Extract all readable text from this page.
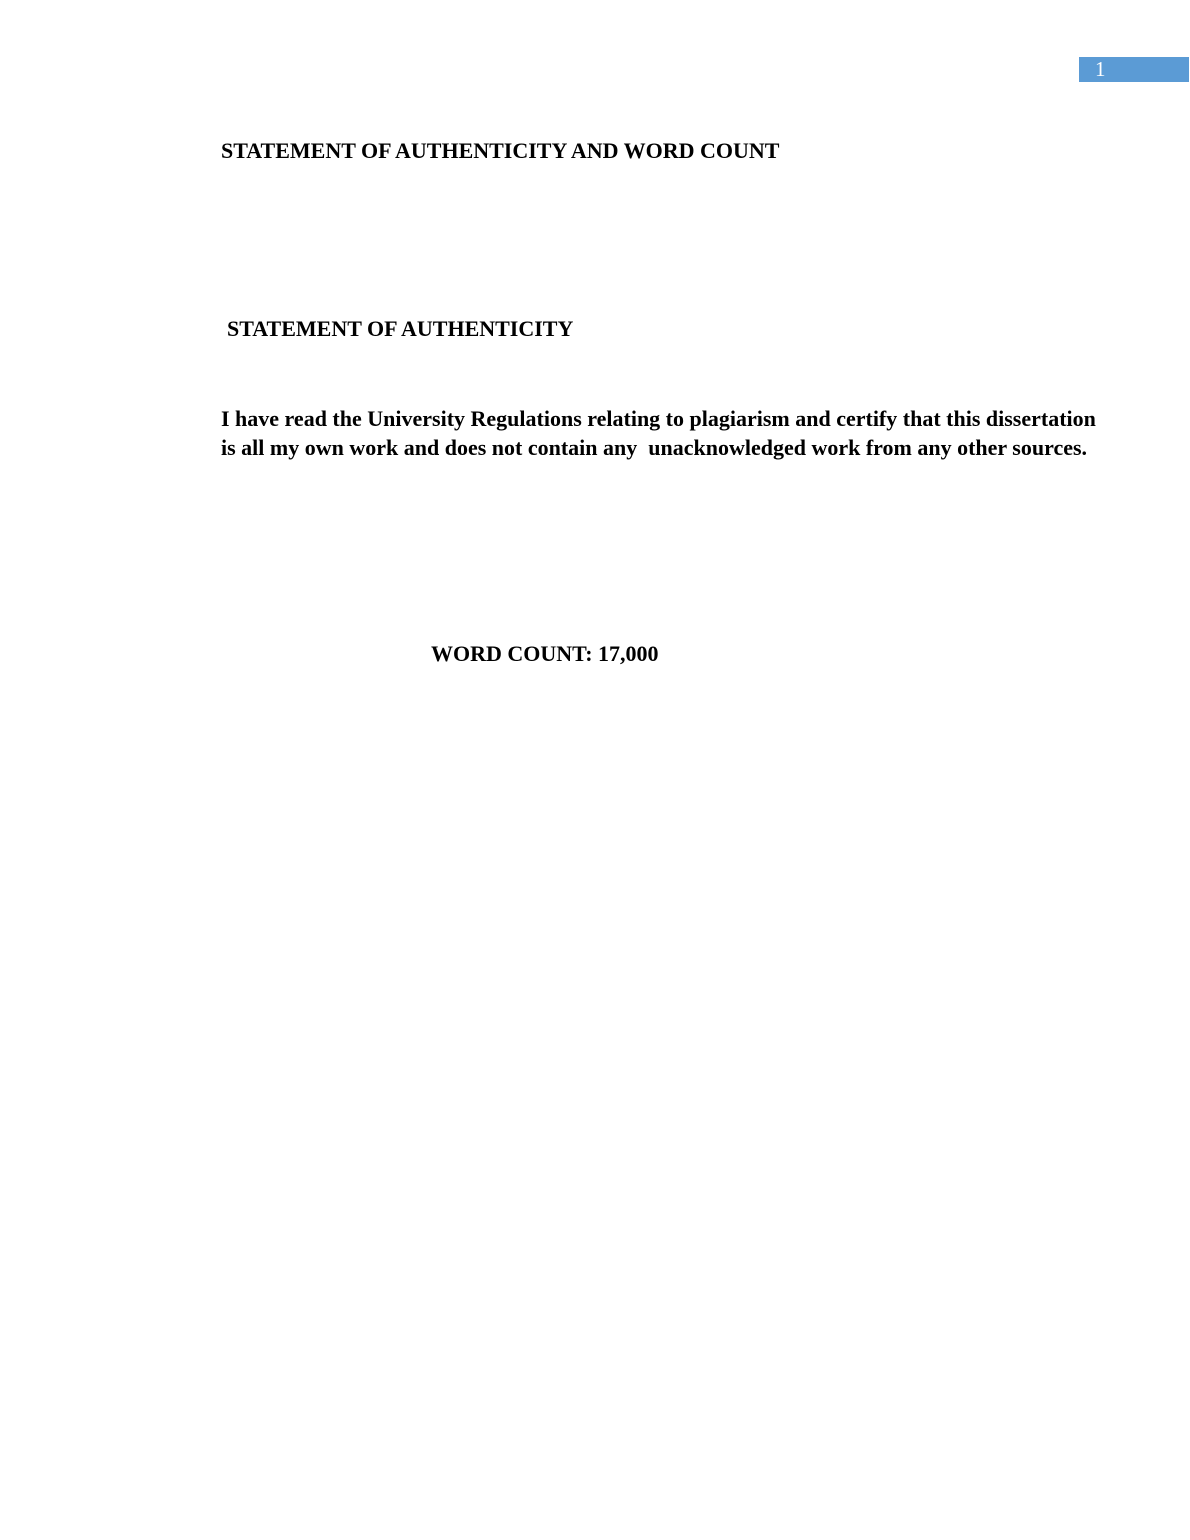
1
STATEMENT OF AUTHENTICITY AND WORD COUNT
STATEMENT OF AUTHENTICITY

I have read the University Regulations relating to plagiarism and certify that this dissertation is all my own work and does not contain any  unacknowledged work from any other sources.

WORD COUNT: 17,000
